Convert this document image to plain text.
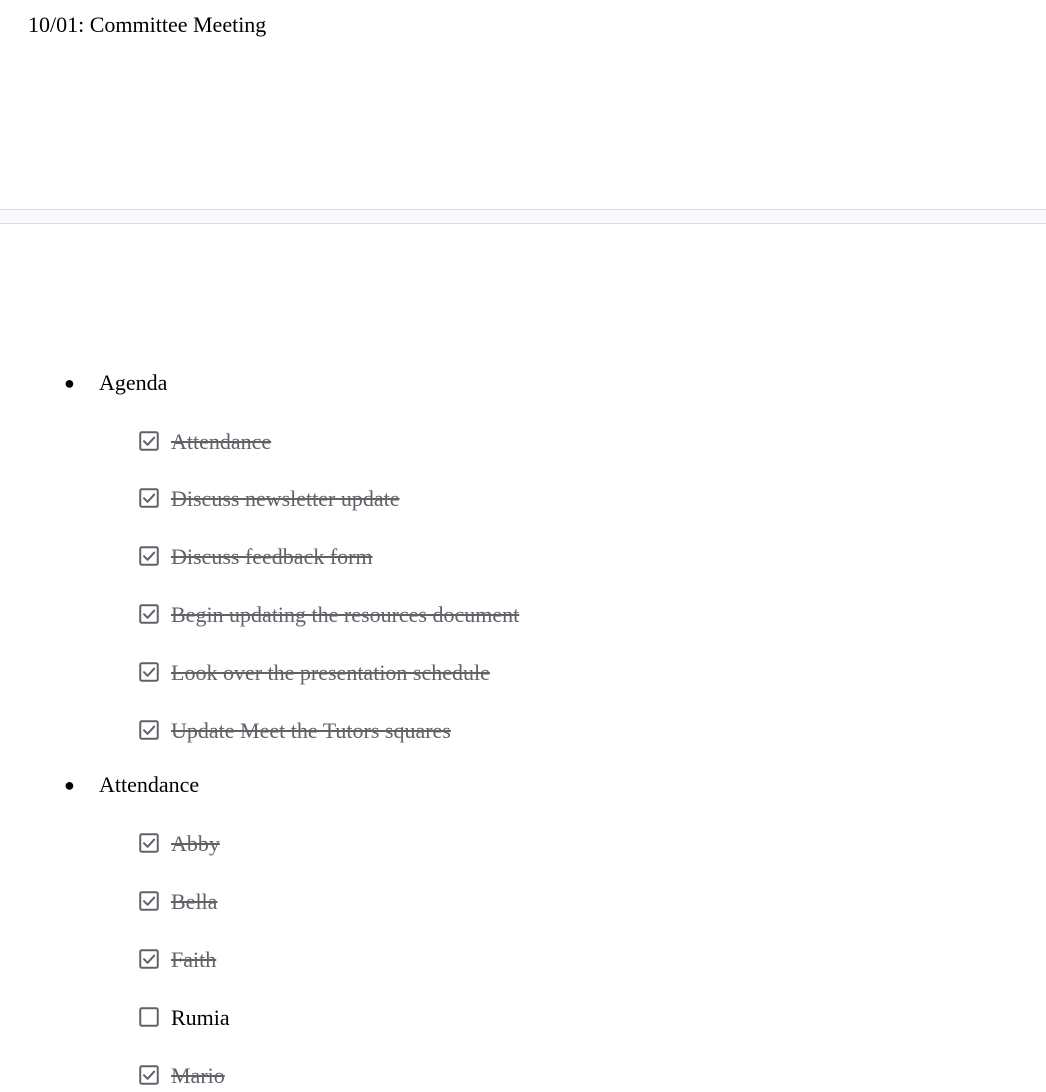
10/01: Committee Meeting
● Agenda
Attendance
Discuss newsletter update
Discuss feedback form
Begin updating the resources document
Look over the presentation schedule
Update Meet the Tutors squares
● Attendance
Abby
Bella
Faith
Rumia
Mario
